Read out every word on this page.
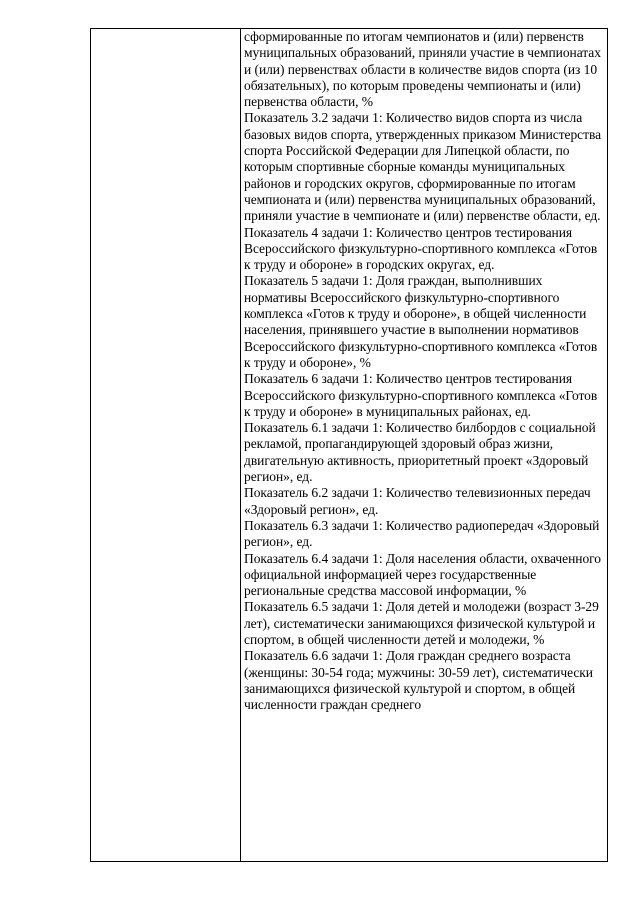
сформированные по итогам чемпионатов и (или) первенств муниципальных образований, приняли участие в чемпионатах и (или) первенствах области в количестве видов спорта (из 10 обязательных), по которым проведены чемпионаты и (или) первенства области, %

Показатель 3.2 задачи 1: Количество видов спорта из числа базовых видов спорта, утвержденных приказом Министерства спорта Российской Федерации для Липецкой области, по которым спортивные сборные команды муниципальных районов и городских округов, сформированные по итогам чемпионата и (или) первенства муниципальных образований, приняли участие в чемпионате и (или) первенстве области, ед.

Показатель 4 задачи 1: Количество центров тестирования Всероссийского физкультурно-спортивного комплекса «Готов к труду и обороне» в городских округах, ед.

Показатель 5 задачи 1: Доля граждан, выполнивших нормативы Всероссийского физкультурно-спортивного комплекса «Готов к труду и обороне», в общей численности населения, принявшего участие в выполнении нормативов Всероссийского физкультурно-спортивного комплекса «Готов к труду и обороне», %

Показатель 6 задачи 1: Количество центров тестирования Всероссийского физкультурно-спортивного комплекса «Готов к труду и обороне» в муниципальных районах, ед.

Показатель 6.1 задачи 1: Количество билбордов с социальной рекламой, пропагандирующей здоровый образ жизни, двигательную активность, приоритетный проект «Здоровый регион», ед.

Показатель 6.2 задачи 1: Количество телевизионных передач «Здоровый регион», ед.

Показатель 6.3 задачи 1: Количество радиопередач «Здоровый регион», ед.

Показатель 6.4 задачи 1: Доля населения области, охваченного официальной информацией через государственные региональные средства массовой информации, %

Показатель 6.5 задачи 1: Доля детей и молодежи (возраст 3-29 лет), систематически занимающихся физической культурой и спортом, в общей численности детей и молодежи, %

Показатель 6.6 задачи 1: Доля граждан среднего возраста (женщины: 30-54 года; мужчины: 30-59 лет), систематически занимающихся физической культурой и спортом, в общей численности граждан среднего
